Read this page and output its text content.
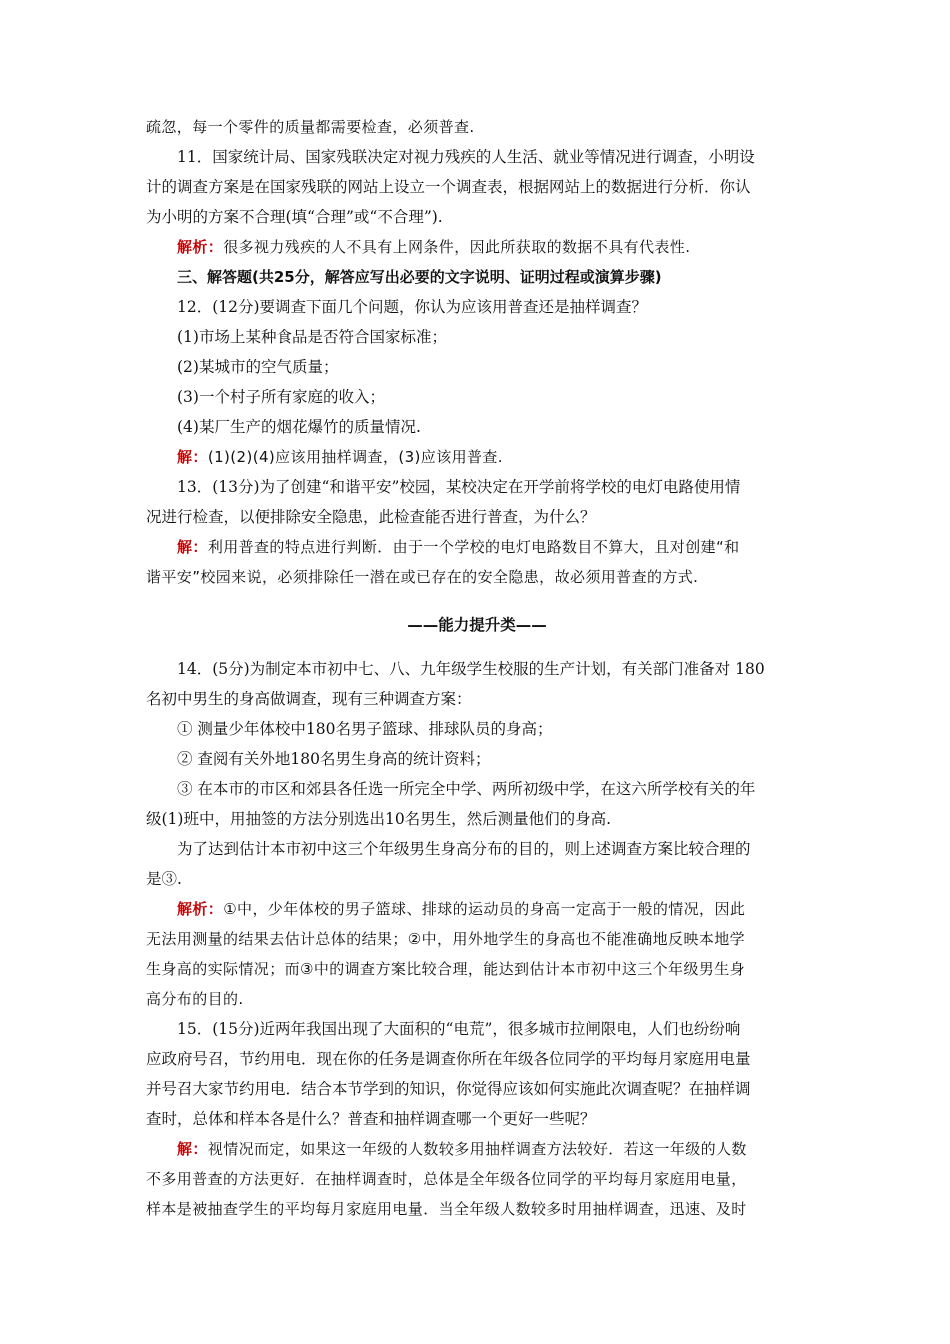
疏忽，每一个零件的质量都需要检查，必须普查.
11．国家统计局、国家残联决定对视力残疾的人生活、就业等情况进行调查，小明设
计的调查方案是在国家残联的网站上设立一个调查表，根据网站上的数据进行分析．你认
为小明的方案不合理(填“合理”或“不合理”).
解析：很多视力残疾的人不具有上网条件，因此所获取的数据不具有代表性.
三、解答题(共25分，解答应写出必要的文字说明、证明过程或演算步骤)
12．(12分)要调查下面几个问题，你认为应该用普查还是抽样调查？
(1)市场上某种食品是否符合国家标准；
(2)某城市的空气质量；
(3)一个村子所有家庭的收入；
(4)某厂生产的烟花爆竹的质量情况.
解：(1)(2)(4)应该用抽样调查，(3)应该用普查.
13．(13分)为了创建“和谐平安”校园，某校决定在开学前将学校的电灯电路使用情
况进行检查，以便排除安全隐患，此检查能否进行普查，为什么？
解：利用普查的特点进行判断．由于一个学校的电灯电路数目不算大，且对创建“和
谐平安”校园来说，必须排除任一潜在或已存在的安全隐患，故必须用普查的方式.
——能力提升类——
14．(5分)为制定本市初中七、八、九年级学生校服的生产计划，有关部门准备对 180
名初中男生的身高做调查，现有三种调查方案：
① 测量少年体校中180名男子篮球、排球队员的身高；
② 查阅有关外地180名男生身高的统计资料；
③ 在本市的市区和郊县各任选一所完全中学、两所初级中学，在这六所学校有关的年
级(1)班中，用抽签的方法分别选出10名男生，然后测量他们的身高.
为了达到估计本市初中这三个年级男生身高分布的目的，则上述调查方案比较合理的
是③.
解析：①中，少年体校的男子篮球、排球的运动员的身高一定高于一般的情况，因此
无法用测量的结果去估计总体的结果；②中，用外地学生的身高也不能准确地反映本地学
生身高的实际情况；而③中的调查方案比较合理，能达到估计本市初中这三个年级男生身
高分布的目的.
15．(15分)近两年我国出现了大面积的“电荒”，很多城市拉闸限电，人们也纷纷响
应政府号召，节约用电．现在你的任务是调查你所在年级各位同学的平均每月家庭用电量
并号召大家节约用电．结合本节学到的知识，你觉得应该如何实施此次调查呢？在抽样调
查时，总体和样本各是什么？普查和抽样调查哪一个更好一些呢？
解：视情况而定，如果这一年级的人数较多用抽样调查方法较好．若这一年级的人数
不多用普查的方法更好．在抽样调查时，总体是全年级各位同学的平均每月家庭用电量，
样本是被抽查学生的平均每月家庭用电量．当全年级人数较多时用抽样调查，迅速、及时
